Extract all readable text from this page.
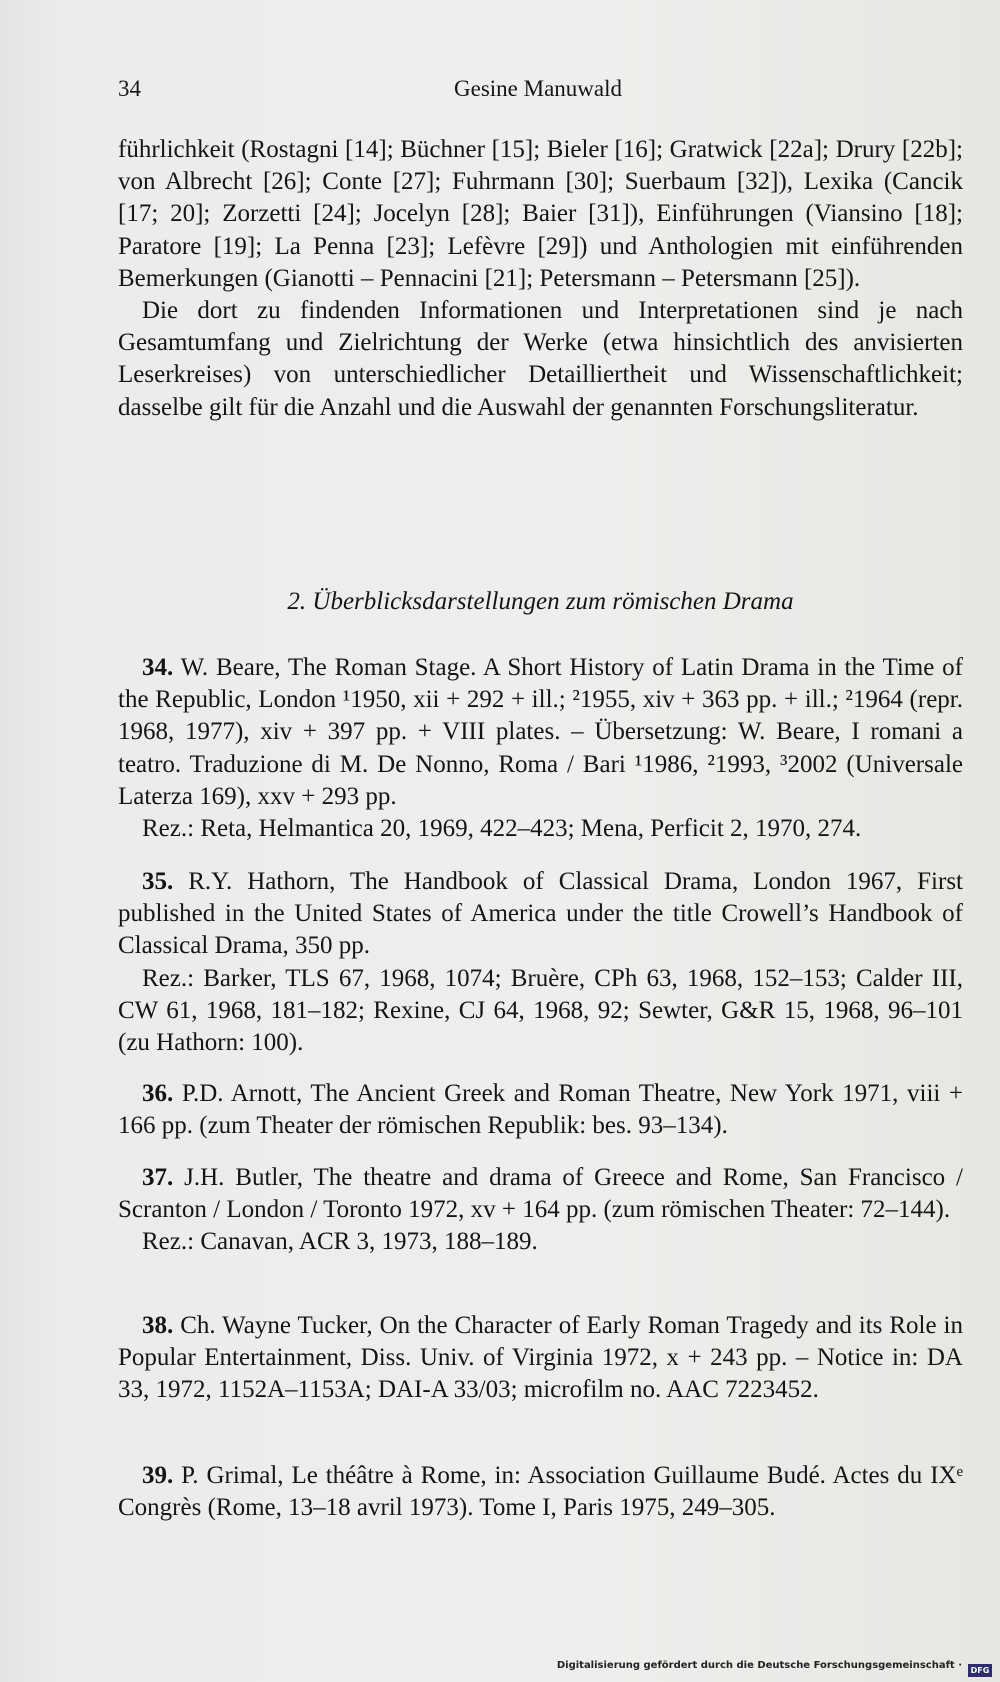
34	Gesine Manuwald

führlichkeit (Rostagni [14]; Büchner [15]; Bieler [16]; Gratwick [22a]; Drury [22b]; von Albrecht [26]; Conte [27]; Fuhrmann [30]; Suerbaum [32]), Lexika (Cancik [17; 20]; Zorzetti [24]; Jocelyn [28]; Baier [31]), Einführungen (Viansino [18]; Paratore [19]; La Penna [23]; Lefèvre [29]) und Anthologien mit einführenden Bemerkungen (Gianotti – Pennacini [21]; Petersmann – Petersmann [25]).

Die dort zu findenden Informationen und Interpretationen sind je nach Gesamtumfang und Zielrichtung der Werke (etwa hinsichtlich des anvisierten Leserkreises) von unterschiedlicher Detailliertheit und Wissenschaftlichkeit; dasselbe gilt für die Anzahl und die Auswahl der genannten Forschungsliteratur.

2. Überblicksdarstellungen zum römischen Drama

34. W. Beare, The Roman Stage. A Short History of Latin Drama in the Time of the Republic, London ¹1950, xii + 292 + ill.; ²1955, xiv + 363 pp. + ill.; ²1964 (repr. 1968, 1977), xiv + 397 pp. + VIII plates. – Übersetzung: W. Beare, I romani a teatro. Traduzione di M. De Nonno, Roma / Bari ¹1986, ²1993, ³2002 (Universale Laterza 169), xxv + 293 pp.

Rez.: Reta, Helmantica 20, 1969, 422–423; Mena, Perficit 2, 1970, 274.

35. R.Y. Hathorn, The Handbook of Classical Drama, London 1967, First published in the United States of America under the title Crowell’s Handbook of Classical Drama, 350 pp.

Rez.: Barker, TLS 67, 1968, 1074; Bruère, CPh 63, 1968, 152–153; Calder III, CW 61, 1968, 181–182; Rexine, CJ 64, 1968, 92; Sewter, G&R 15, 1968, 96–101 (zu Hathorn: 100).

36. P.D. Arnott, The Ancient Greek and Roman Theatre, New York 1971, viii + 166 pp. (zum Theater der römischen Republik: bes. 93–134).

37. J.H. Butler, The theatre and drama of Greece and Rome, San Francisco / Scranton / London / Toronto 1972, xv + 164 pp. (zum römischen Theater: 72–144).

Rez.: Canavan, ACR 3, 1973, 188–189.

38. Ch. Wayne Tucker, On the Character of Early Roman Tragedy and its Role in Popular Entertainment, Diss. Univ. of Virginia 1972, x + 243 pp. – Notice in: DA 33, 1972, 1152A–1153A; DAI-A 33/03; microfilm no. AAC 7223452.

39. P. Grimal, Le théâtre à Rome, in: Association Guillaume Budé. Actes du IXᵉ Congrès (Rome, 13–18 avril 1973). Tome I, Paris 1975, 249–305.

Digitalisierung gefördert durch die Deutsche Forschungsgemeinschaft ·	DFG
